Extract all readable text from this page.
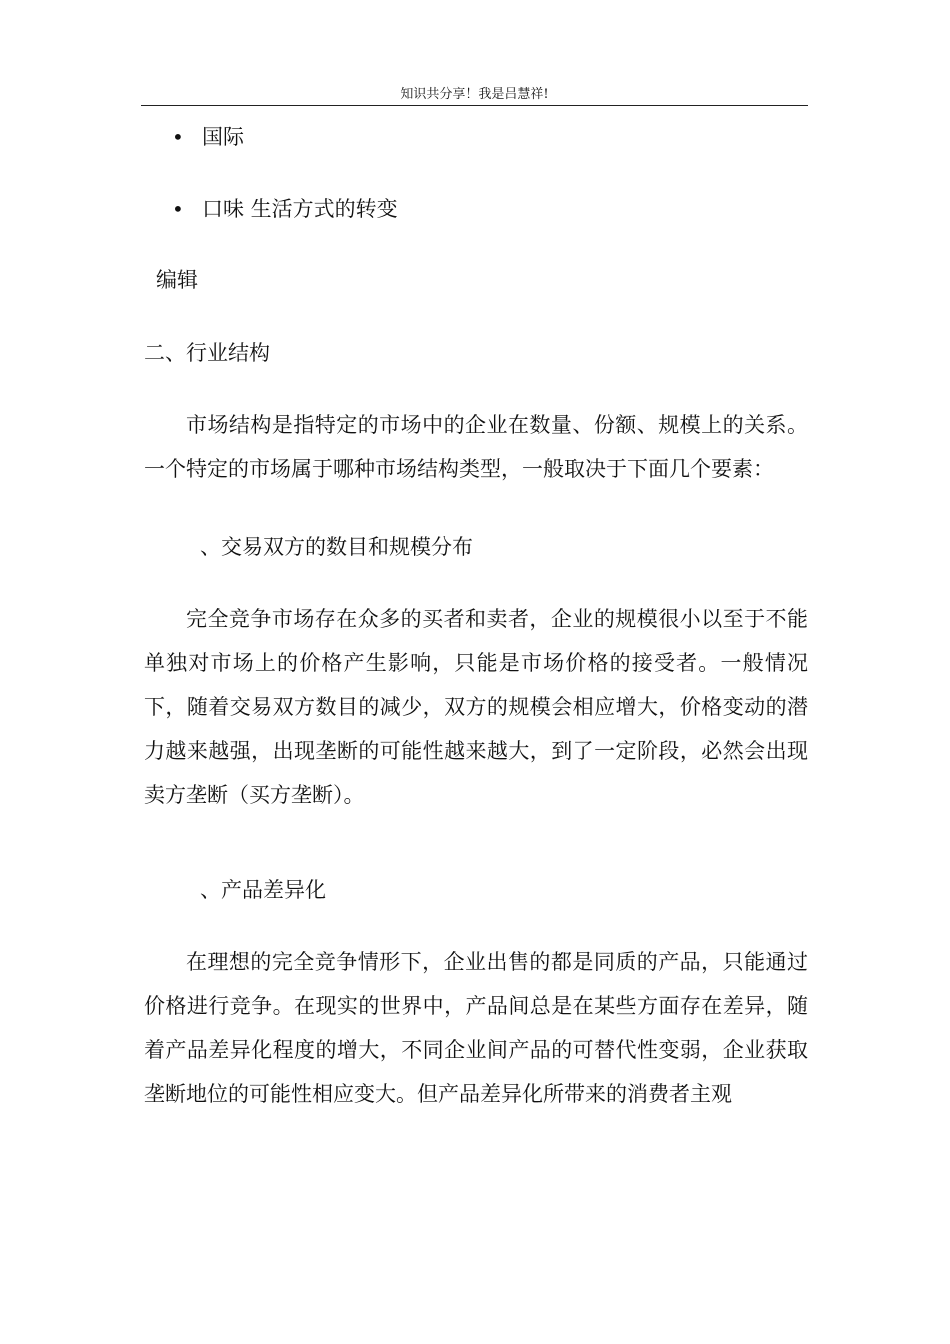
知识共分享！我是吕慧祥!
• 国际
• 口味 生活方式的转变
编辑
二、行业结构
市场结构是指特定的市场中的企业在数量、份额、规模上的关系。一个特定的市场属于哪种市场结构类型，一般取决于下面几个要素：
、交易双方的数目和规模分布
完全竞争市场存在众多的买者和卖者，企业的规模很小以至于不能单独对市场上的价格产生影响，只能是市场价格的接受者。一般情况下，随着交易双方数目的减少，双方的规模会相应增大，价格变动的潜力越来越强，出现垄断的可能性越来越大，到了一定阶段，必然会出现卖方垄断（买方垄断）。
、产品差异化
在理想的完全竞争情形下，企业出售的都是同质的产品，只能通过价格进行竞争。在现实的世界中，产品间总是在某些方面存在差异，随着产品差异化程度的增大，不同企业间产品的可替代性变弱，企业获取垄断地位的可能性相应变大。但产品差异化所带来的消费者主观
